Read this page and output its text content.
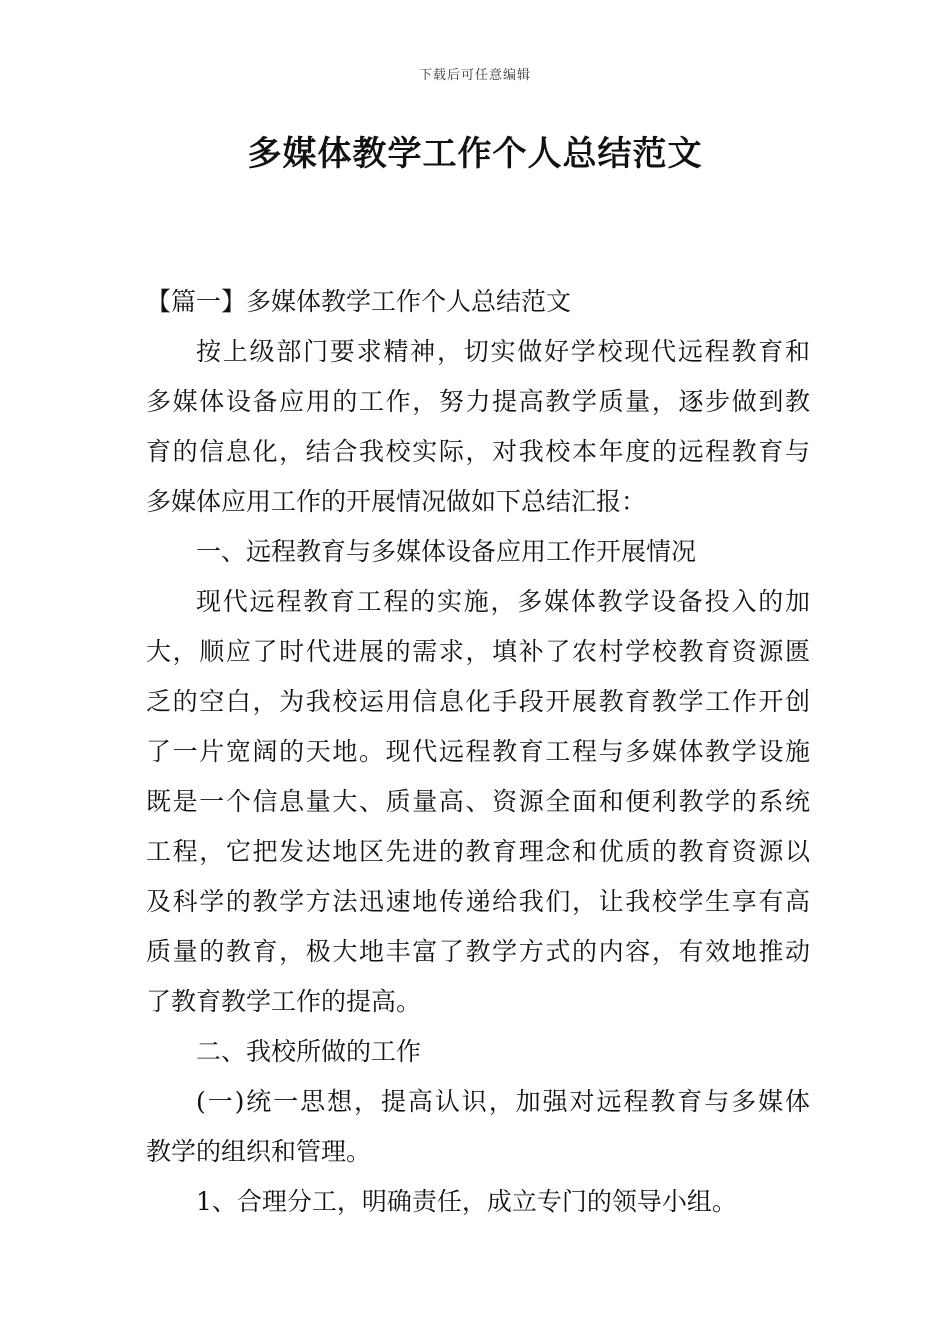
下载后可任意编辑
多媒体教学工作个人总结范文
【篇一】多媒体教学工作个人总结范文
按上级部门要求精神，切实做好学校现代远程教育和
多媒体设备应用的工作，努力提高教学质量，逐步做到教
育的信息化，结合我校实际，对我校本年度的远程教育与
多媒体应用工作的开展情况做如下总结汇报：
一、远程教育与多媒体设备应用工作开展情况
现代远程教育工程的实施，多媒体教学设备投入的加
大，顺应了时代进展的需求，填补了农村学校教育资源匮
乏的空白，为我校运用信息化手段开展教育教学工作开创
了一片宽阔的天地。现代远程教育工程与多媒体教学设施
既是一个信息量大、质量高、资源全面和便利教学的系统
工程，它把发达地区先进的教育理念和优质的教育资源以
及科学的教学方法迅速地传递给我们，让我校学生享有高
质量的教育，极大地丰富了教学方式的内容，有效地推动
了教育教学工作的提高。
二、我校所做的工作
(一)统一思想，提高认识，加强对远程教育与多媒体
教学的组织和管理。
1、合理分工，明确责任，成立专门的领导小组。
